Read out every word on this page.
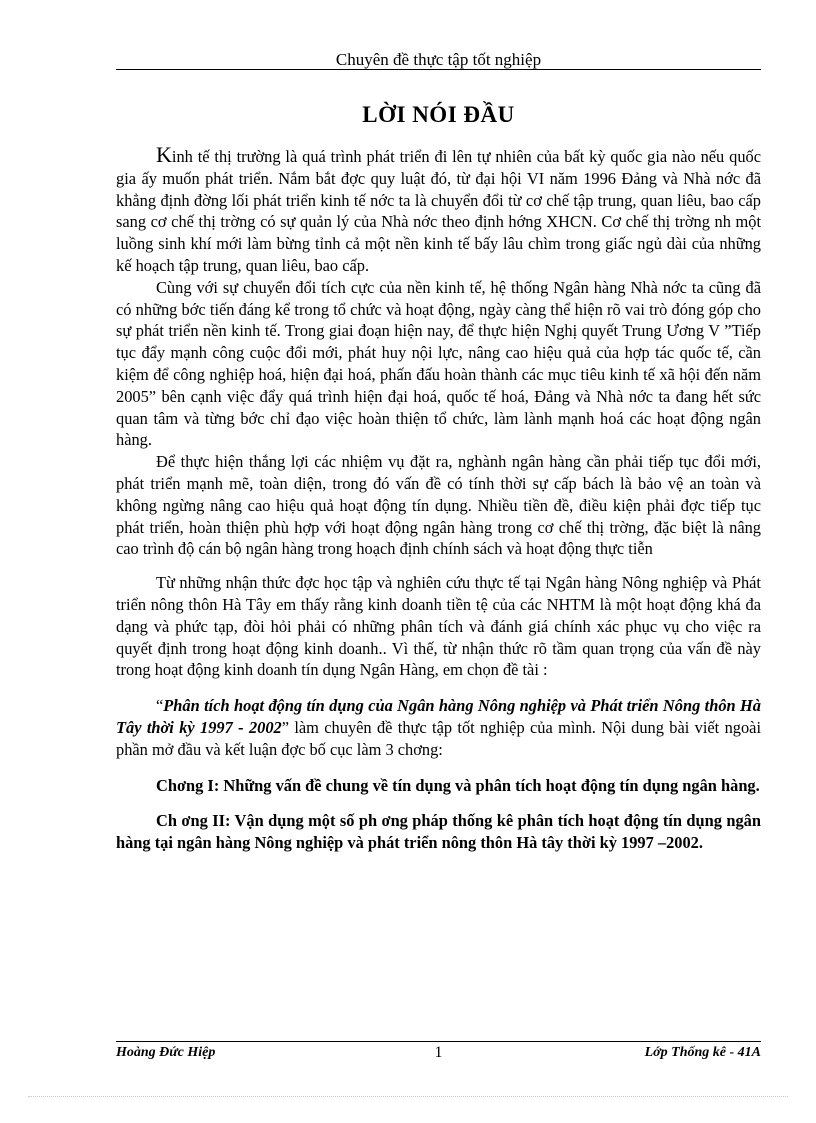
Chuyên đề thực tập tốt nghiệp
LỜI NÓI ĐẦU

Kinh tế thị trường là quá trình phát triển đi lên tự nhiên của bất kỳ quốc gia nào nếu quốc gia ấy muốn phát triển. Nắm bắt đợc quy luật đó, từ đại hội VI năm 1996 Đảng và Nhà nớc đã khẳng định đờng lối phát triển kinh tế nớc ta là chuyển đổi từ cơ chế tập trung, quan liêu, bao cấp sang cơ chế thị trờng có sự quản lý của Nhà nớc theo định hớng XHCN. Cơ chế thị trờng nh một luồng sinh khí mới làm bừng tỉnh cả một nền kinh tế bấy lâu chìm trong giấc ngủ dài của những kế hoạch tập trung, quan liêu, bao cấp.

Cùng với sự chuyển đổi tích cực của nền kinh tế, hệ thống Ngân hàng Nhà nớc ta cũng đã có những bớc tiến đáng kể trong tổ chức và hoạt động, ngày càng thể hiện rõ vai trò đóng góp cho sự phát triển nền kinh tế. Trong giai đoạn hiện nay, để thực hiện Nghị quyết Trung Ương V ”Tiếp tục đẩy mạnh công cuộc đổi mới, phát huy nội lực, nâng cao hiệu quả của hợp tác quốc tế, cần kiệm để công nghiệp hoá, hiện đại hoá, phấn đấu hoàn thành các mục tiêu kinh tế xã hội đến năm 2005” bên cạnh việc đẩy quá trình hiện đại hoá, quốc tế hoá, Đảng và Nhà nớc ta đang hết sức quan tâm và từng bớc chỉ đạo việc hoàn thiện tổ chức, làm lành mạnh hoá các hoạt động ngân hàng.

Để thực hiện thắng lợi các nhiệm vụ đặt ra, nghành ngân hàng cần phải tiếp tục đổi mới, phát triển mạnh mẽ, toàn diện, trong đó vấn đề có tính thời sự cấp bách là bảo vệ an toàn và không ngừng nâng cao hiệu quả hoạt động tín dụng. Nhiều tiền đề, điều kiện phải đợc tiếp tục phát triển, hoàn thiện phù hợp với hoạt động ngân hàng trong cơ chế thị trờng, đặc biệt là nâng cao trình độ cán bộ ngân hàng trong hoạch định chính sách và hoạt động thực tiễn

Từ những nhận thức đợc học tập và nghiên cứu thực tế tại Ngân hàng Nông nghiệp và Phát triển nông thôn Hà Tây em thấy rằng kinh doanh tiền tệ của các NHTM là một hoạt động khá đa dạng và phức tạp, đòi hỏi phải có những phân tích và đánh giá chính xác phục vụ cho việc ra quyết định trong hoạt động kinh doanh.. Vì thế, từ nhận thức rõ tầm quan trọng của vấn đề này trong hoạt động kinh doanh tín dụng Ngân Hàng, em chọn đề tài :

“Phân tích hoạt động tín dụng của Ngân hàng Nông nghiệp và Phát triển Nông thôn Hà Tây thời kỳ 1997 - 2002” làm chuyên đề thực tập tốt nghiệp của mình. Nội dung bài viết ngoài phần mở đầu và kết luận đợc bố cục làm 3 chơng:

Chơng I: Những vấn đề chung về tín dụng và phân tích hoạt động tín dụng ngân hàng.

Ch ơng II: Vận dụng một số ph ơng pháp thống kê phân tích hoạt động tín dụng ngân hàng tại ngân hàng Nông nghiệp và phát triển nông thôn Hà tây thời kỳ 1997 –2002.

Hoàng Đức Hiệp	1	Lớp Thống kê - 41A
